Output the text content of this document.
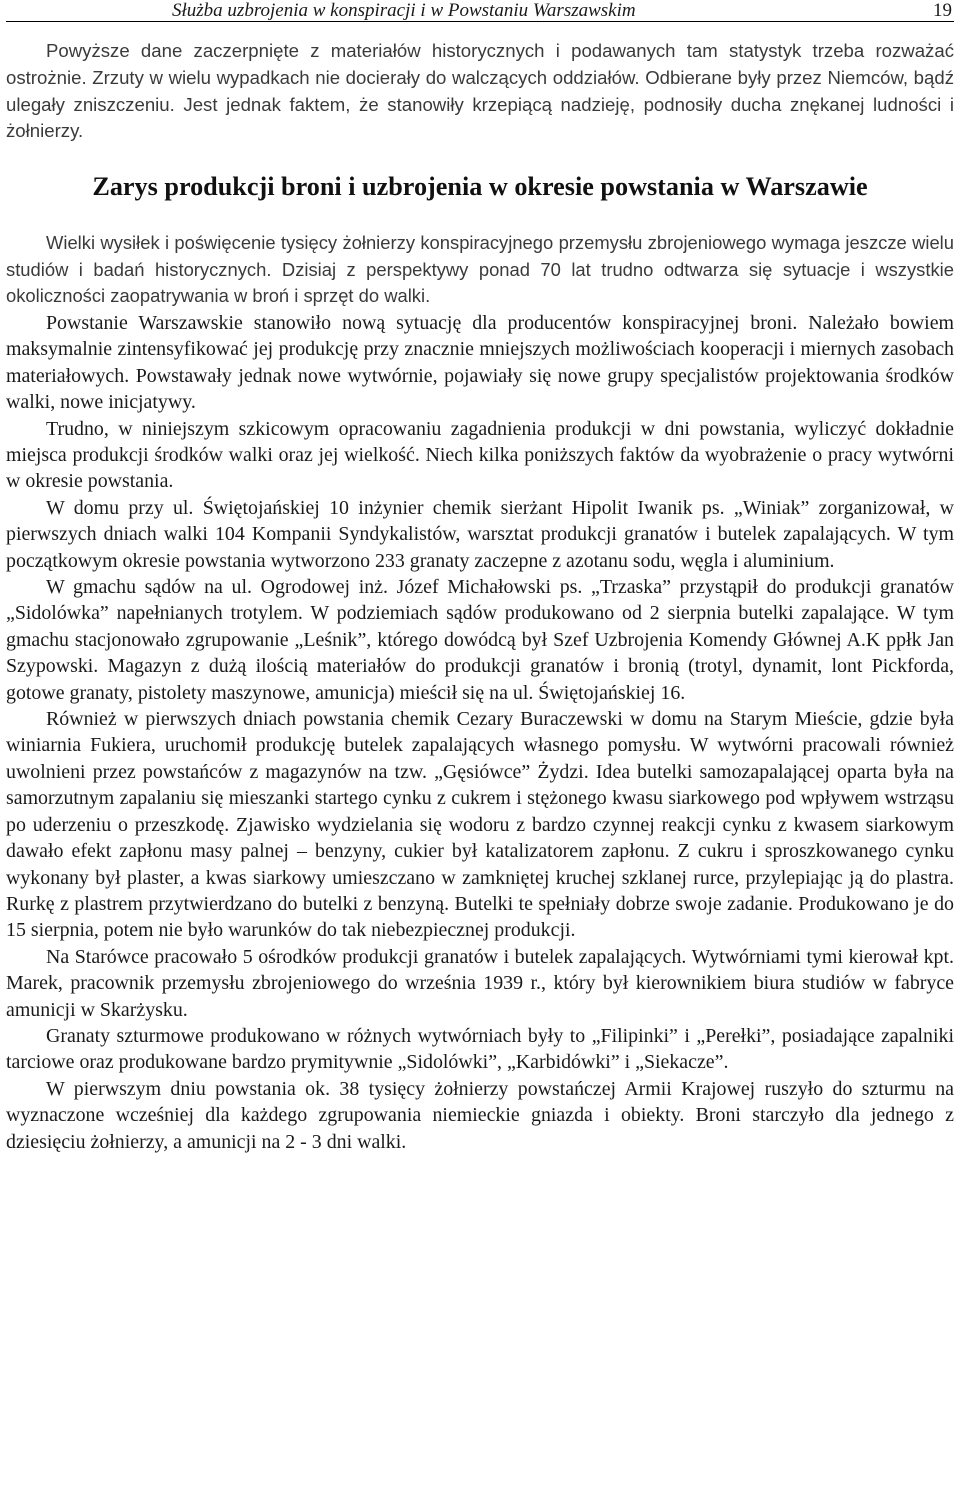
Służba uzbrojenia w konspiracji i w Powstaniu Warszawskim	19

Powyższe dane zaczerpnięte z materiałów historycznych i podawanych tam statystyk trzeba rozważać ostrożnie. Zrzuty w wielu wypadkach nie docierały do walczących oddziałów. Odbierane były przez Niemców, bądź ulegały zniszczeniu. Jest jednak faktem, że stanowiły krzepiącą nadzieję, podnosiły ducha znękanej ludności i żołnierzy.

Zarys produkcji broni i uzbrojenia w okresie powstania w Warszawie

Wielki wysiłek i poświęcenie tysięcy żołnierzy konspiracyjnego przemysłu zbrojeniowego wymaga jeszcze wielu studiów i badań historycznych. Dzisiaj z perspektywy ponad 70 lat trudno odtwarza się sytuacje i wszystkie okoliczności zaopatrywania w broń i sprzęt do walki.

Powstanie Warszawskie stanowiło nową sytuację dla producentów konspiracyjnej broni. Należało bowiem maksymalnie zintensyfikować jej produkcję przy znacznie mniejszych możliwościach kooperacji i miernych zasobach materiałowych. Powstawały jednak nowe wytwórnie, pojawiały się nowe grupy specjalistów projektowania środków walki, nowe inicjatywy.

Trudno, w niniejszym szkicowym opracowaniu zagadnienia produkcji w dni powstania, wyliczyć dokładnie miejsca produkcji środków walki oraz jej wielkość. Niech kilka poniższych faktów da wyobrażenie o pracy wytwórni w okresie powstania.

W domu przy ul. Świętojańskiej 10 inżynier chemik sierżant Hipolit Iwanik ps. „Winiak” zorganizował, w pierwszych dniach walki 104 Kompanii Syndykalistów, warsztat produkcji granatów i butelek zapalających. W tym początkowym okresie powstania wytworzono 233 granaty zaczepne z azotanu sodu, węgla i aluminium.

W gmachu sądów na ul. Ogrodowej inż. Józef Michałowski ps. „Trzaska” przystąpił do produkcji granatów „Sidolówka” napełnianych trotylem. W podziemiach sądów produkowano od 2 sierpnia butelki zapalające. W tym gmachu stacjonowało zgrupowanie „Leśnik”, którego dowódcą był Szef Uzbrojenia Komendy Głównej A.K ppłk Jan Szypowski. Magazyn z dużą ilością materiałów do produkcji granatów i bronią (trotyl, dynamit, lont Pickforda, gotowe granaty, pistolety maszynowe, amunicja) mieścił się na ul. Świętojańskiej 16.

Również w pierwszych dniach powstania chemik Cezary Buraczewski w domu na Starym Mieście, gdzie była winiarnia Fukiera, uruchomił produkcję butelek zapalających własnego pomysłu. W wytwórni pracowali również uwolnieni przez powstańców z magazynów na tzw. „Gęsiówce” Żydzi. Idea butelki samozapalającej oparta była na samorzutnym zapalaniu się mieszanki startego cynku z cukrem i stężonego kwasu siarkowego pod wpływem wstrząsu po uderzeniu o przeszkodę. Zjawisko wydzielania się wodoru z bardzo czynnej reakcji cynku z kwasem siarkowym dawało efekt zapłonu masy palnej – benzyny, cukier był katalizatorem zapłonu. Z cukru i sproszkowanego cynku wykonany był plaster, a kwas siarkowy umieszczano w zamkniętej kruchej szklanej rurce, przylepiając ją do plastra. Rurkę z plastrem przytwierdzano do butelki z benzyną. Butelki te spełniały dobrze swoje zadanie. Produkowano je do 15 sierpnia, potem nie było warunków do tak niebezpiecznej produkcji.

Na Starówce pracowało 5 ośrodków produkcji granatów i butelek zapalających. Wytwórniami tymi kierował kpt. Marek, pracownik przemysłu zbrojeniowego do września 1939 r., który był kierownikiem biura studiów w fabryce amunicji w Skarżysku.

Granaty szturmowe produkowano w różnych wytwórniach były to „Filipinki” i „Perełki”, posiadające zapalniki tarciowe oraz produkowane bardzo prymitywnie „Sidolówki”, „Karbidówki” i „Siekacze”.

W pierwszym dniu powstania ok. 38 tysięcy żołnierzy powstańczej Armii Krajowej ruszyło do szturmu na wyznaczone wcześniej dla każdego zgrupowania niemieckie gniazda i obiekty. Broni starczyło dla jednego z dziesięciu żołnierzy, a amunicji na 2 - 3 dni walki.
